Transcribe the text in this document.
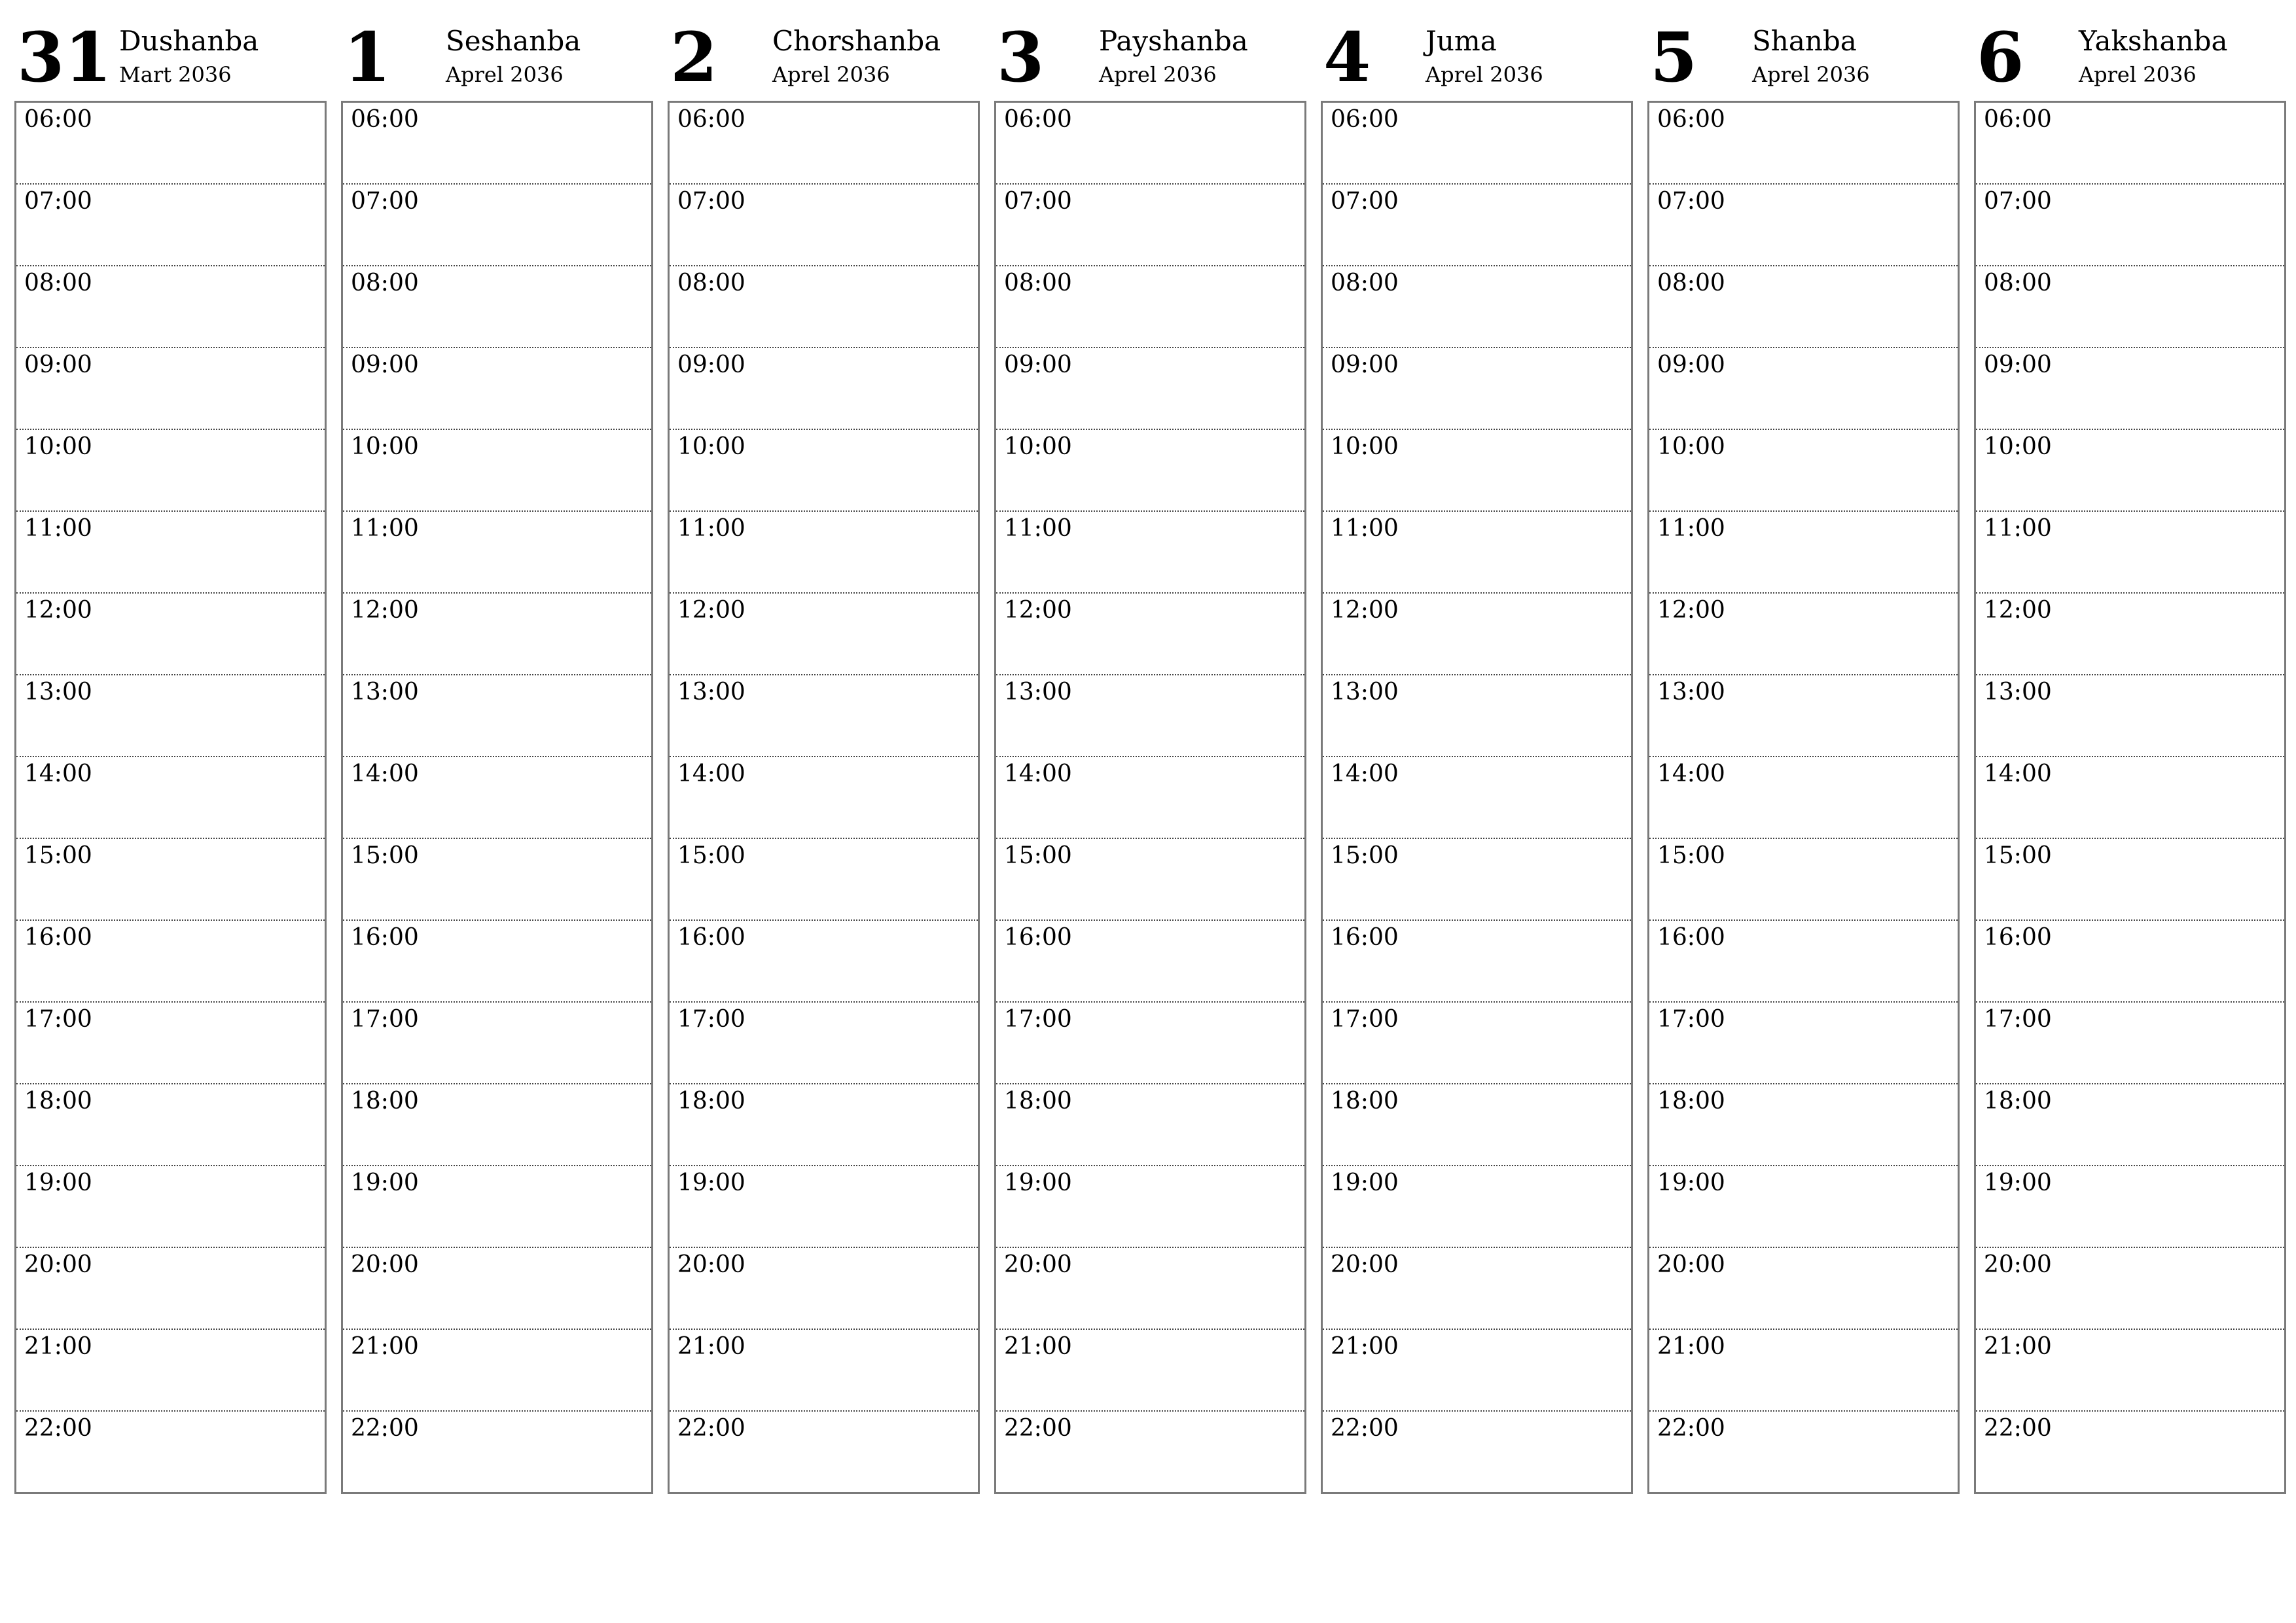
31 Dushanba
Mart 2036
06:00
07:00
08:00
09:00
10:00
11:00
12:00
13:00
14:00
15:00
16:00
17:00
18:00
19:00
20:00
21:00
22:00
1 Seshanba
Aprel 2036
06:00
07:00
08:00
09:00
10:00
11:00
12:00
13:00
14:00
15:00
16:00
17:00
18:00
19:00
20:00
21:00
22:00
2 Chorshanba
Aprel 2036
06:00
07:00
08:00
09:00
10:00
11:00
12:00
13:00
14:00
15:00
16:00
17:00
18:00
19:00
20:00
21:00
22:00
3 Payshanba
Aprel 2036
06:00
07:00
08:00
09:00
10:00
11:00
12:00
13:00
14:00
15:00
16:00
17:00
18:00
19:00
20:00
21:00
22:00
4 Juma
Aprel 2036
06:00
07:00
08:00
09:00
10:00
11:00
12:00
13:00
14:00
15:00
16:00
17:00
18:00
19:00
20:00
21:00
22:00
5 Shanba
Aprel 2036
06:00
07:00
08:00
09:00
10:00
11:00
12:00
13:00
14:00
15:00
16:00
17:00
18:00
19:00
20:00
21:00
22:00
6 Yakshanba
Aprel 2036
06:00
07:00
08:00
09:00
10:00
11:00
12:00
13:00
14:00
15:00
16:00
17:00
18:00
19:00
20:00
21:00
22:00
